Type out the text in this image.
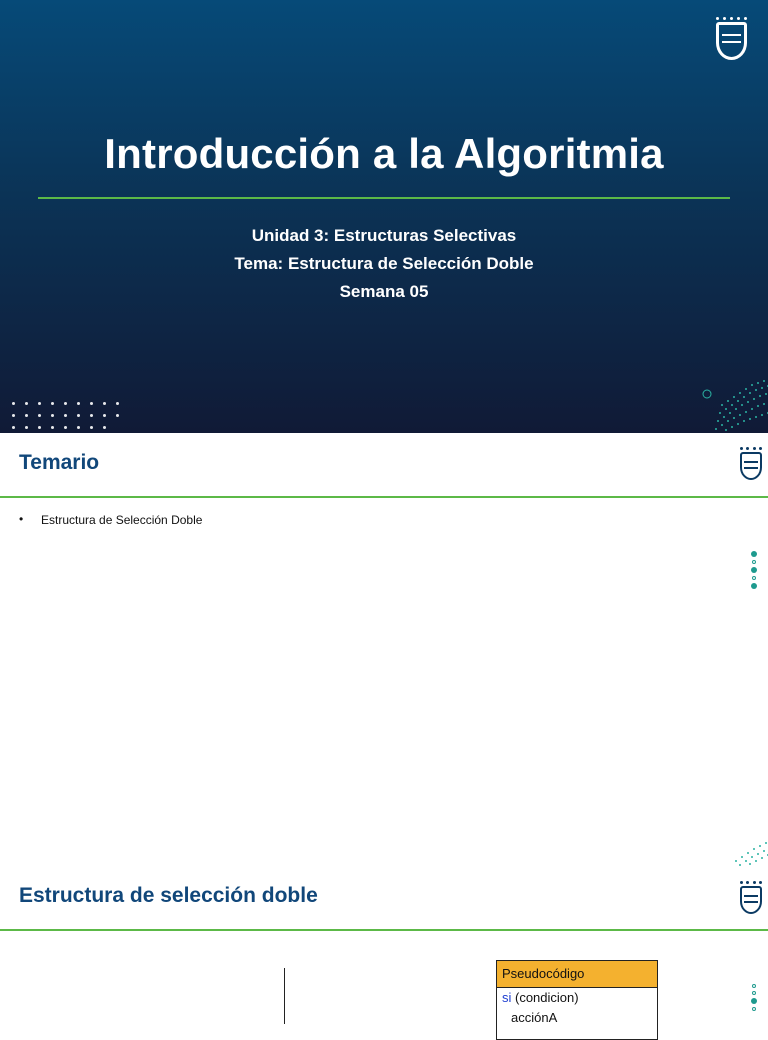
Introducción a la Algoritmia
Unidad 3: Estructuras Selectivas
Tema: Estructura de Selección Doble
Semana 05
Temario
• Estructura de Selección Doble
Estructura de selección doble
Pseudocódigo
si (condicion)
acciónA
